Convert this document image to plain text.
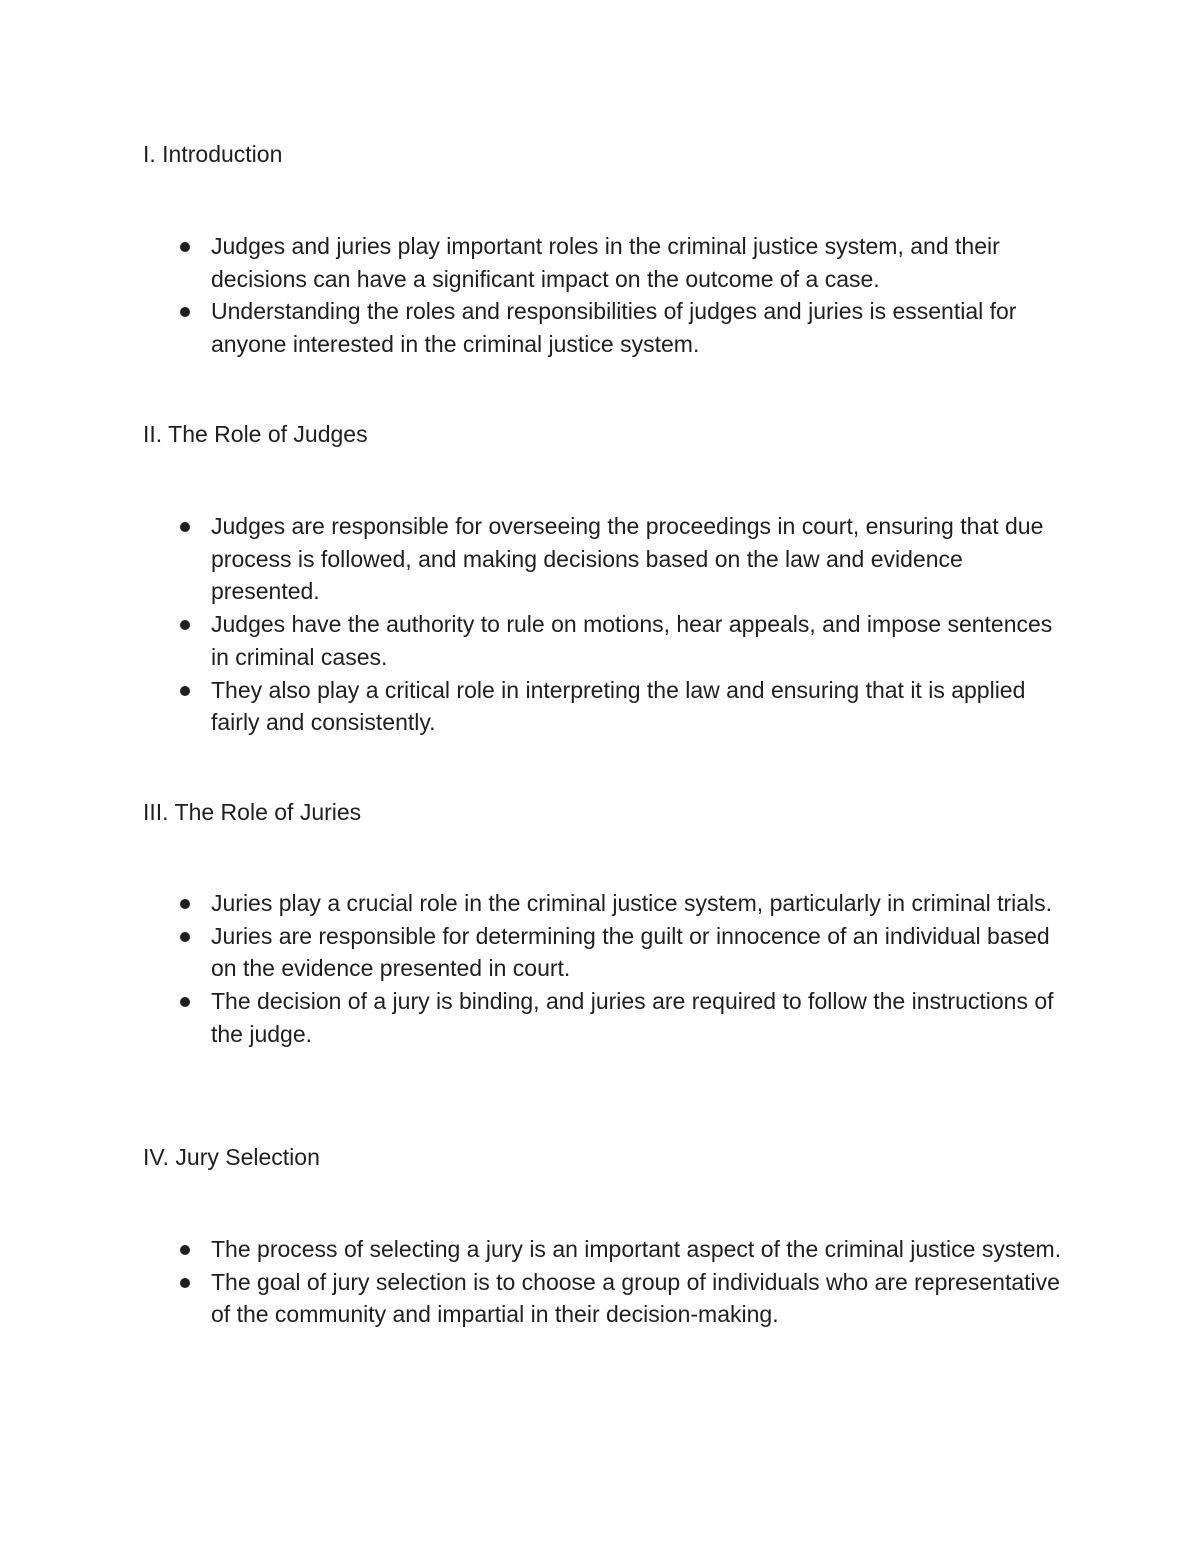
I. Introduction
Judges and juries play important roles in the criminal justice system, and their decisions can have a significant impact on the outcome of a case.
Understanding the roles and responsibilities of judges and juries is essential for anyone interested in the criminal justice system.
II. The Role of Judges
Judges are responsible for overseeing the proceedings in court, ensuring that due process is followed, and making decisions based on the law and evidence presented.
Judges have the authority to rule on motions, hear appeals, and impose sentences in criminal cases.
They also play a critical role in interpreting the law and ensuring that it is applied fairly and consistently.
III. The Role of Juries
Juries play a crucial role in the criminal justice system, particularly in criminal trials.
Juries are responsible for determining the guilt or innocence of an individual based on the evidence presented in court.
The decision of a jury is binding, and juries are required to follow the instructions of the judge.
IV. Jury Selection
The process of selecting a jury is an important aspect of the criminal justice system.
The goal of jury selection is to choose a group of individuals who are representative of the community and impartial in their decision-making.
